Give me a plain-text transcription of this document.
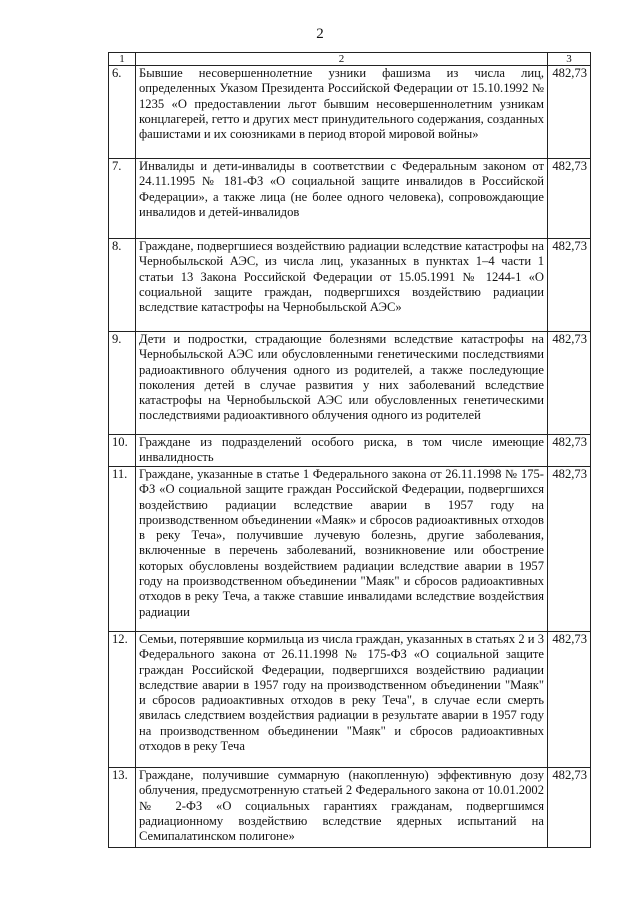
2
1	2	3
6.	Бывшие несовершеннолетние узники фашизма из числа лиц, определенных Указом Президента Российской Федерации от 15.10.1992 № 1235 «О предоставлении льгот бывшим несовершеннолетним узникам концлагерей, гетто и других мест принудительного содержания, созданных фашистами и их союзниками в период второй мировой войны»	482,73
7.	Инвалиды и дети-инвалиды в соответствии с Федеральным законом от 24.11.1995 № 181-ФЗ «О социальной защите инвалидов в Российской Федерации», а также лица (не более одного человека), сопровождающие инвалидов и детей-инвалидов	482,73
8.	Граждане, подвергшиеся воздействию радиации вследствие катастрофы на Чернобыльской АЭС, из числа лиц, указанных в пунктах 1–4 части 1 статьи 13 Закона Российской Федерации от 15.05.1991 № 1244-1 «О социальной защите граждан, подвергшихся воздействию радиации вследствие катастрофы на Чернобыльской АЭС»	482,73
9.	Дети и подростки, страдающие болезнями вследствие катастрофы на Чернобыльской АЭС или обусловленными генетическими последствиями радиоактивного облучения одного из родителей, а также последующие поколения детей в случае развития у них заболеваний вследствие катастрофы на Чернобыльской АЭС или обусловленных генетическими последствиями радиоактивного облучения одного из родителей	482,73
10.	Граждане из подразделений особого риска, в том числе имеющие инвалидность	482,73
11.	Граждане, указанные в статье 1 Федерального закона от 26.11.1998 № 175-ФЗ «О социальной защите граждан Российской Федерации, подвергшихся воздействию радиации вследствие аварии в 1957 году на производственном объединении «Маяк» и сбросов радиоактивных отходов в реку Теча», получившие лучевую болезнь, другие заболевания, включенные в перечень заболеваний, возникновение или обострение которых обусловлены воздействием радиации вследствие аварии в 1957 году на производственном объединении "Маяк" и сбросов радиоактивных отходов в реку Теча, а также ставшие инвалидами вследствие воздействия радиации	482,73
12.	Семьи, потерявшие кормильца из числа граждан, указанных в статьях 2 и 3 Федерального закона от 26.11.1998 № 175-ФЗ «О социальной защите граждан Российской Федерации, подвергшихся воздействию радиации вследствие аварии в 1957 году на производственном объединении "Маяк" и сбросов радиоактивных отходов в реку Теча", в случае если смерть явилась следствием воздействия радиации в результате аварии в 1957 году на производственном объединении "Маяк" и сбросов радиоактивных отходов в реку Теча	482,73
13.	Граждане, получившие суммарную (накопленную) эффективную дозу облучения, предусмотренную статьей 2 Федерального закона от 10.01.2002 № 2-ФЗ «О социальных гарантиях гражданам, подвергшимся радиационному воздействию вследствие ядерных испытаний на Семипалатинском полигоне»	482,73
